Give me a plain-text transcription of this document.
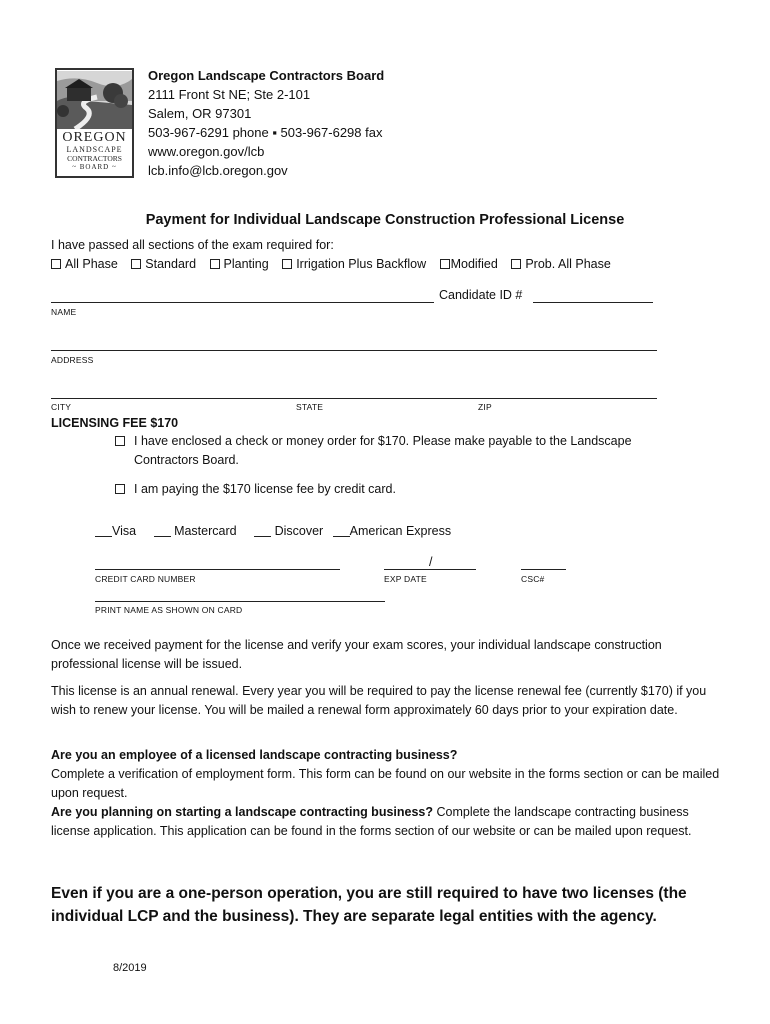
OREGON
LANDSCAPE
CONTRACTORS
~ BOARD ~
Oregon Landscape Contractors Board
2111 Front St NE; Ste 2-101
Salem, OR 97301
503-967-6291 phone ▪ 503-967-6298 fax
www.oregon.gov/lcb
lcb.info@lcb.oregon.gov
Payment for Individual Landscape Construction Professional License
I have passed all sections of the exam required for:
All Phase Standard Planting Irrigation Plus Backflow Modified Prob. All Phase
Candidate ID #
NAME
ADDRESS
CITY	STATE	ZIP
LICENSING FEE $170
I have enclosed a check or money order for $170. Please make payable to the Landscape
Contractors Board.
I am paying the $170 license fee by credit card.
Visa	Mastercard	Discover American Express
/
CREDIT CARD NUMBER	EXP DATE	CSC#
PRINT NAME AS SHOWN ON CARD
Once we received payment for the license and verify your exam scores, your individual landscape construction professional license will be issued.
This license is an annual renewal. Every year you will be required to pay the license renewal fee (currently $170) if you wish to renew your license. You will be mailed a renewal form approximately 60 days prior to your expiration date.
Are you an employee of a licensed landscape contracting business?
Complete a verification of employment form. This form can be found on our website in the forms section or can be mailed upon request.
Are you planning on starting a landscape contracting business? Complete the landscape contracting business license application. This application can be found in the forms section of our website or can be mailed upon request.
Even if you are a one-person operation, you are still required to have two licenses (the individual LCP and the business). They are separate legal entities with the agency.
8/2019
